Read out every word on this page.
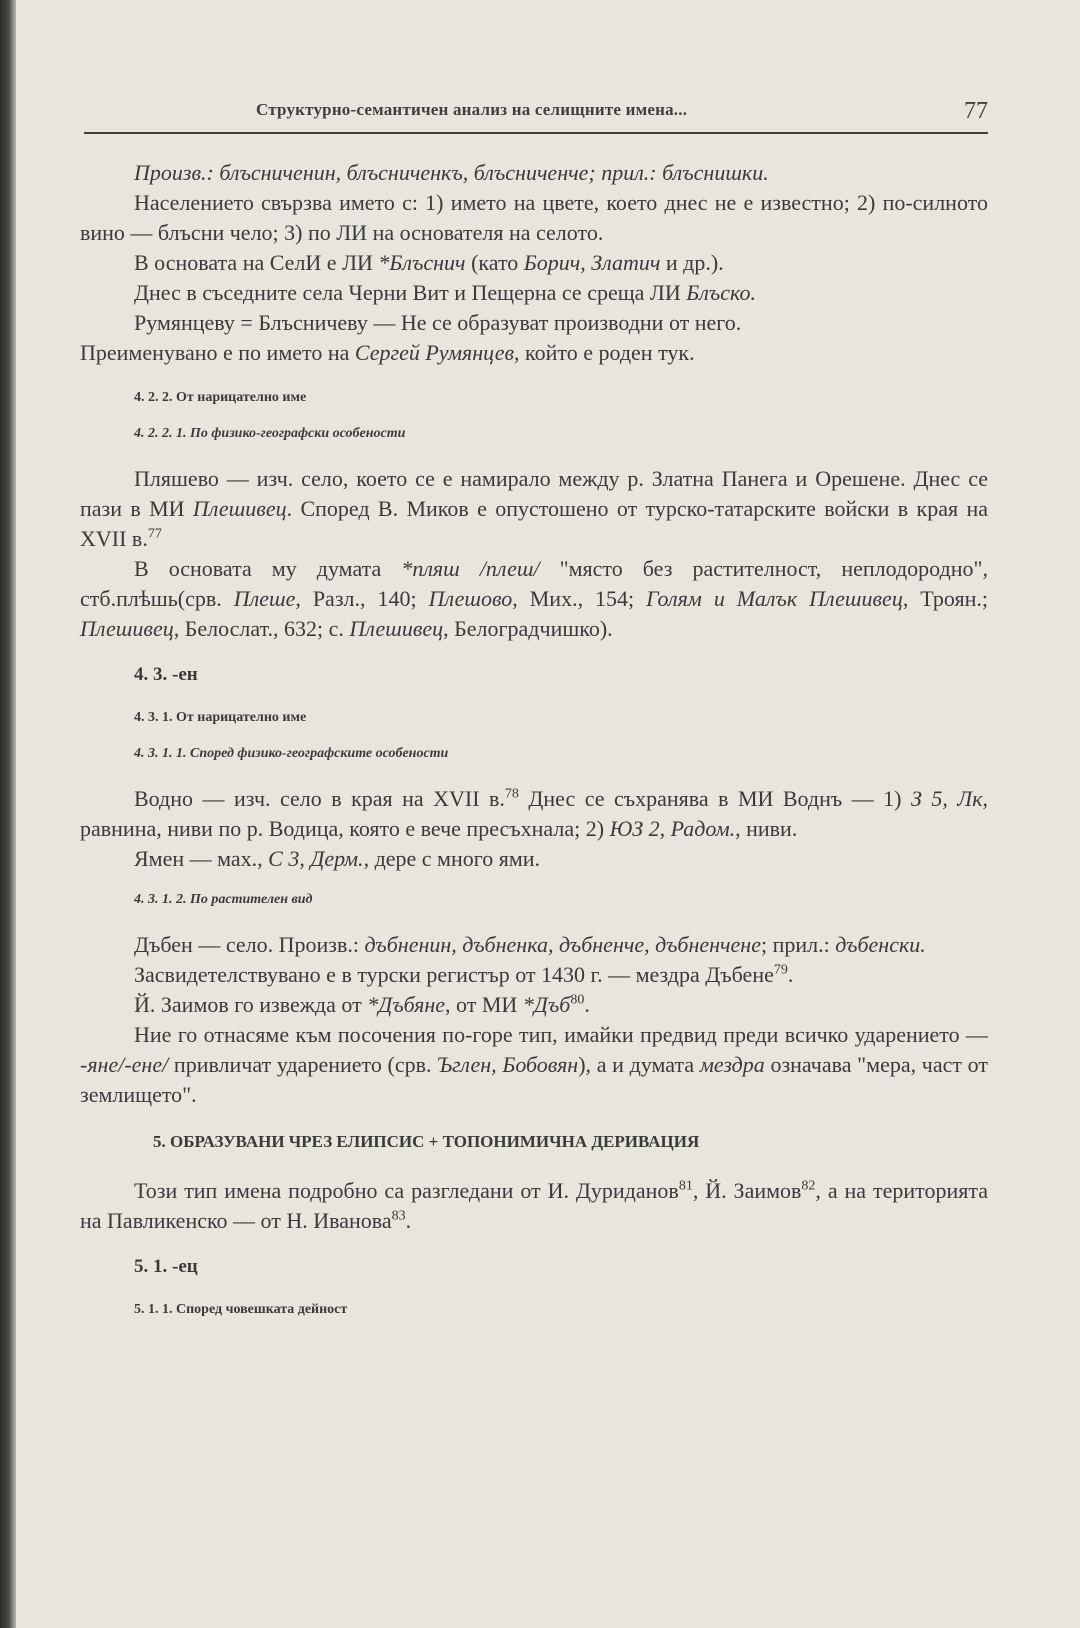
Структурно-семантичен анализ на селищните имена...	77

Произв.: блъсничeнин, блъсничeнкъ, блъсничeнче; прил.: блъснишки.

Населението свързва името с: 1) името на цвете, което днес не е известно; 2) по-силното вино — блъсни чело; 3) по ЛИ на основателя на селото.

В основата на СелИ е ЛИ *Блъснич (като Борич, Златич и др.).

Днес в съседните села Черни Вит и Пещерна се среща ЛИ Блъско.

Румянцеву = Блъсничеву — Не се образуват производни от него.

Преименувано е по името на Сергей Румянцев, който е роден тук.

4. 2. 2. От нарицателно име

4. 2. 2. 1. По физико-географски особености

Пляшево — изч. село, което се е намирало между р. Златна Панега и Орешене. Днес се пази в МИ Плешивец. Според В. Миков е опустошено от турско-татарските войски в края на XVII в.$^{77}$

В основата му думата *пляш /плеш/ "място без растителност, неплодородно", стб.плѣшь(срв. Плeше, Разл., 140; Плешово, Мих., 154; Голям и Малък Плешивец, Троян.; Плешивец, Белослат., 632; с. Плешивец, Белоградчишко).

4. 3. -ен

4. 3. 1. От нарицателно име

4. 3. 1. 1. Според физико-географските особености

Водно — изч. село в края на XVII в.$^{78}$ Днес се съхранява в МИ Воднъ — 1) З 5, Лк, равнина, ниви по р. Водица, която е вече пресъхнала; 2) ЮЗ 2, Радом., ниви.

Ямен — мах., С 3, Дерм., дере с много ями.

4. 3. 1. 2. По растителен вид

Дъбен — село. Произв.: дъбненин, дъбненка, дъбненче, дъбненчене; прил.: дъбенски.

Засвидетелствувано е в турски регистър от 1430 г. — мездра Дъбене$^{79}$.

Й. Заимов го извежда от *Дъбяне, от МИ *Дъб$^{80}$.

Ние го отнасяме към посочения по-горе тип, имайки предвид преди всичко ударението — -яне/-ене/ привличат ударението (срв. Ъглен, Бобовян), а и думата мездра означава "мера, част от землището".

5. ОБРАЗУВАНИ ЧРЕЗ ЕЛИПСИС + ТОПОНИМИЧНА ДЕРИВАЦИЯ

Този тип имена подробно са разгледани от И. Дуриданов$^{81}$, Й. Заимов$^{82}$, а на територията на Павликенско — от Н. Иванова$^{83}$.

5. 1. -ец

5. 1. 1. Според човешката дейност
